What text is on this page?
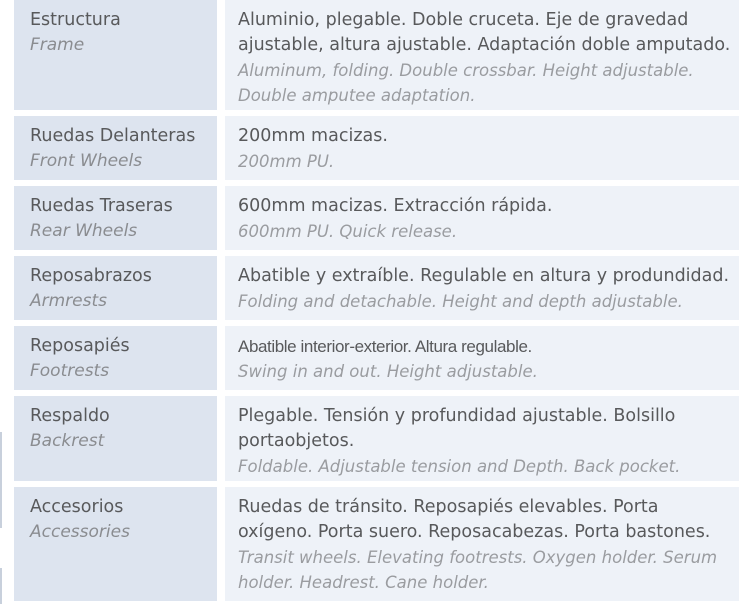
Estructura
Frame
Aluminio, plegable. Doble cruceta. Eje de gravedad ajustable, altura ajustable. Adaptación doble amputado.
Aluminum, folding. Double crossbar. Height adjustable. Double amputee adaptation.
Ruedas Delanteras
Front Wheels
200mm macizas.
200mm PU.
Ruedas Traseras
Rear Wheels
600mm macizas. Extracción rápida.
600mm PU. Quick release.
Reposabrazos
Armrests
Abatible y extraíble. Regulable en altura y produndidad.
Folding and detachable. Height and depth adjustable.
Reposapiés
Footrests
Abatible interior-exterior. Altura regulable.
Swing in and out. Height adjustable.
Respaldo
Backrest
Plegable. Tensión y profundidad ajustable. Bolsillo portaobjetos.
Foldable. Adjustable tension and Depth. Back pocket.
Accesorios
Accessories
Ruedas de tránsito. Reposapiés elevables. Porta oxígeno. Porta suero. Reposacabezas. Porta bastones.
Transit wheels. Elevating footrests. Oxygen holder. Serum holder. Headrest. Cane holder.
